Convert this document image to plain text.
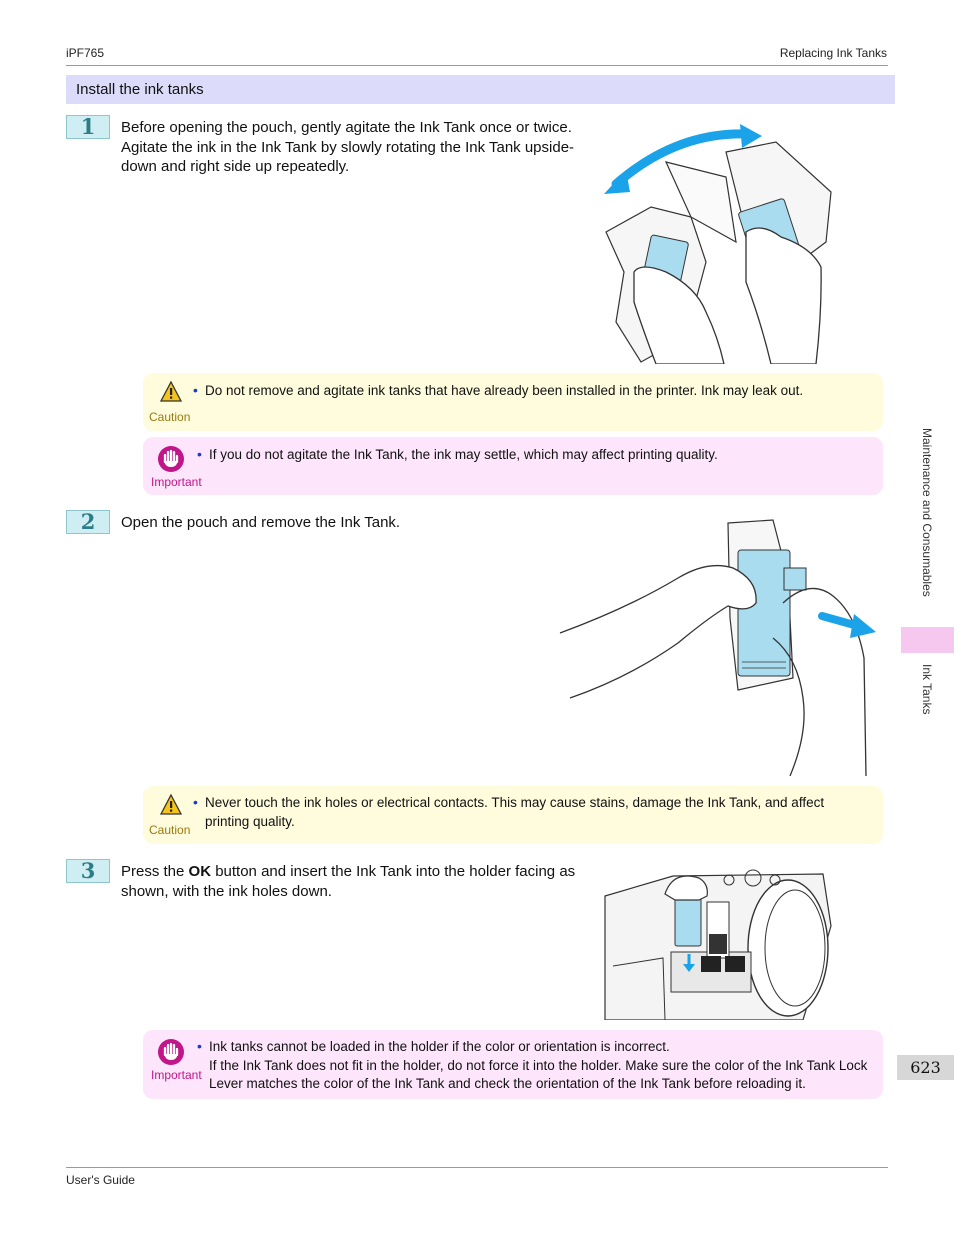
iPF765	Replacing Ink Tanks
Install the ink tanks
1	Before opening the pouch, gently agitate the Ink Tank once or twice. Agitate the ink in the Ink Tank by slowly rotating the Ink Tank upside-down and right side up repeatedly.
Caution
• Do not remove and agitate ink tanks that have already been installed in the printer. Ink may leak out.
Important
• If you do not agitate the Ink Tank, the ink may settle, which may affect printing quality.
2	Open the pouch and remove the Ink Tank.
Caution
• Never touch the ink holes or electrical contacts. This may cause stains, damage the Ink Tank, and affect printing quality.
3	Press the OK button and insert the Ink Tank into the holder facing as shown, with the ink holes down.
Important
• Ink tanks cannot be loaded in the holder if the color or orientation is incorrect.
If the Ink Tank does not fit in the holder, do not force it into the holder. Make sure the color of the Ink Tank Lock Lever matches the color of the Ink Tank and check the orientation of the Ink Tank before reloading it.
Maintenance and Consumables
Ink Tanks
623
User's Guide
